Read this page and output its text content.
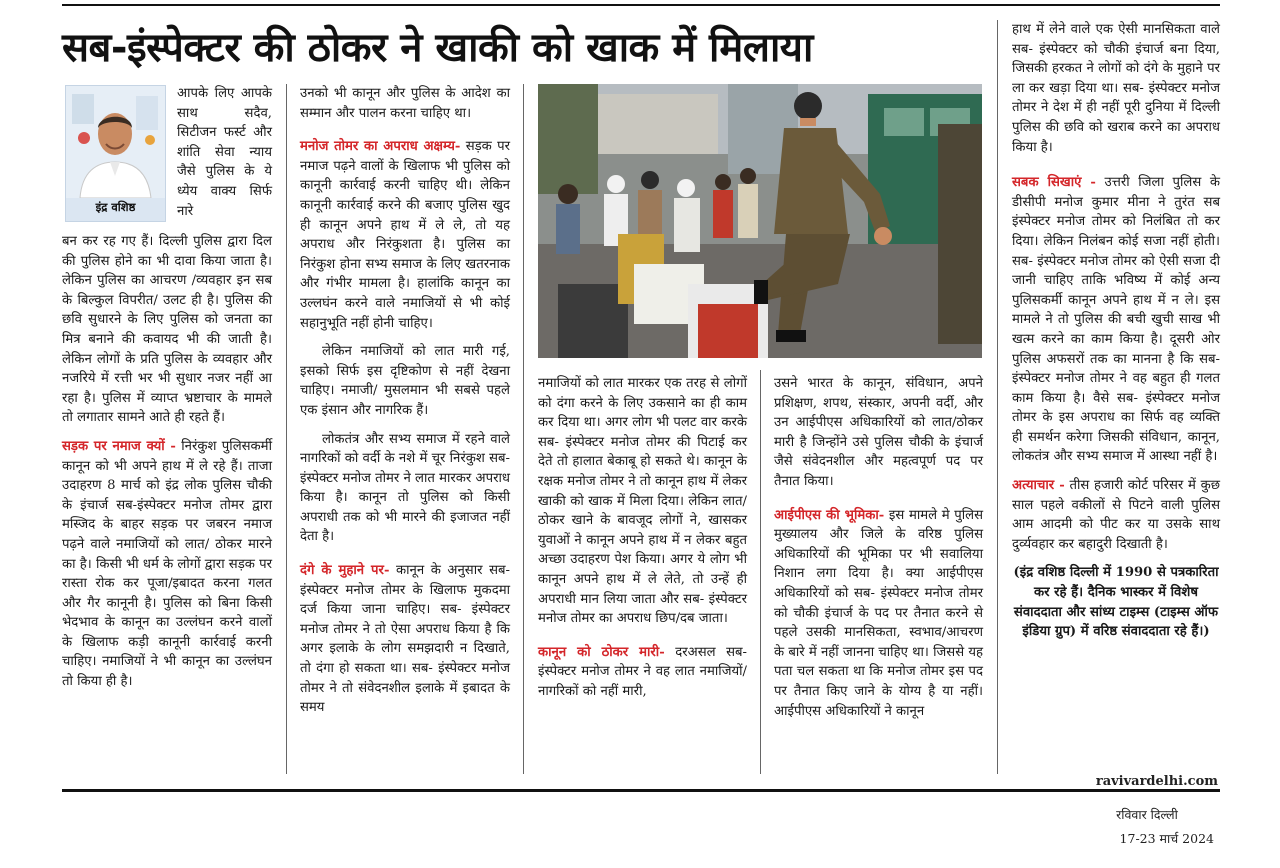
सब-इंस्पेक्टर की ठोकर ने खाकी को खाक में मिलाया
इंद्र वशिष्ठ

आपके लिए आपके साथ सदैव, सिटीजन फर्स्ट और शांति सेवा न्याय जैसे पुलिस के ये ध्येय वाक्य सिर्फ नारे

बन कर रह गए हैं। दिल्ली पुलिस द्वारा दिल की पुलिस होने का भी दावा किया जाता है। लेकिन पुलिस का आचरण /व्यवहार इन सब के बिल्कुल विपरीत/ उलट ही है। पुलिस की छवि सुधारने के लिए पुलिस को जनता का मित्र बनाने की कवायद भी की जाती है। लेकिन लोगों के प्रति पुलिस के व्यवहार और नजरिये में रत्ती भर भी सुधार नजर नहीं आ रहा है। पुलिस में व्याप्त भ्रष्टाचार के मामले तो लगातार सामने आते ही रहते हैं।

सड़क पर नमाज क्यों - निरंकुश पुलिसकर्मी कानून को भी अपने हाथ में ले रहे हैं। ताजा उदाहरण 8 मार्च को इंद्र लोक पुलिस चौकी के इंचार्ज सब-इंस्पेक्टर मनोज तोमर द्वारा मस्जिद के बाहर सड़क पर जबरन नमाज पढ़ने वाले नमाजियों को लात/ ठोकर मारने का है। किसी भी धर्म के लोगों द्वारा सड़क पर रास्ता रोक कर पूजा/इबादत करना गलत और गैर कानूनी है। पुलिस को बिना किसी भेदभाव के कानून का उल्लंघन करने वालों के खिलाफ कड़ी कानूनी कार्रवाई करनी चाहिए। नमाजियों ने भी कानून का उल्लंघन तो किया ही है।

उनको भी कानून और पुलिस के आदेश का सम्मान और पालन करना चाहिए था।

मनोज तोमर का अपराध अक्षम्य- सड़क पर नमाज पढ़ने वालों के खिलाफ भी पुलिस को कानूनी कार्रवाई करनी चाहिए थी। लेकिन कानूनी कार्रवाई करने की बजाए पुलिस खुद ही कानून अपने हाथ में ले ले, तो यह अपराध और निरंकुशता है। पुलिस का निरंकुश होना सभ्य समाज के लिए खतरनाक और गंभीर मामला है। हालांकि कानून का उल्लघंन करने वाले नमाजियों से भी कोई सहानुभूति नहीं होनी चाहिए।

लेकिन नमाजियों को लात मारी गई, इसको सिर्फ इस दृष्टिकोण से नहीं देखना चाहिए। नमाजी/ मुसलमान भी सबसे पहले एक इंसान और नागरिक हैं।

लोकतंत्र और सभ्य समाज में रहने वाले नागरिकों को वर्दी के नशे में चूर निरंकुश सब-इंस्पेक्टर मनोज तोमर ने लात मारकर अपराध किया है। कानून तो पुलिस को किसी अपराधी तक को भी मारने की इजाजत नहीं देता है।

दंगे के मुहाने पर- कानून के अनुसार सब- इंस्पेक्टर मनोज तोमर के खिलाफ मुकदमा दर्ज किया जाना चाहिए। सब- इंस्पेक्टर मनोज तोमर ने तो ऐसा अपराध किया है कि अगर इलाके के लोग समझदारी न दिखाते, तो दंगा हो सकता था। सब- इंस्पेक्टर मनोज तोमर ने तो संवेदनशील इलाके में इबादत के समय

नमाजियों को लात मारकर एक तरह से लोगों को दंगा करने के लिए उकसाने का ही काम कर दिया था। अगर लोग भी पलट वार करके सब- इंस्पेक्टर मनोज तोमर की पिटाई कर देते तो हालात बेकाबू हो सकते थे। कानून के रक्षक मनोज तोमर ने तो कानून हाथ में लेकर खाकी को खाक में मिला दिया। लेकिन लात/ ठोकर खाने के बावजूद लोगों ने, खासकर युवाओं ने कानून अपने हाथ में न लेकर बहुत अच्छा उदाहरण पेश किया। अगर ये लोग भी कानून अपने हाथ में ले लेते, तो उन्हें ही अपराधी मान लिया जाता और सब- इंस्पेक्टर मनोज तोमर का अपराध छिप/दब जाता।

कानून को ठोकर मारी- दरअसल सब- इंस्पेक्टर मनोज तोमर ने वह लात नमाजियों/ नागरिकों को नहीं मारी,

उसने भारत के कानून, संविधान, अपने प्रशिक्षण, शपथ, संस्कार, अपनी वर्दी, और उन आईपीएस अधिकारियों को लात/ठोकर मारी है जिन्होंने उसे पुलिस चौकी के इंचार्ज जैसे संवेदनशील और महत्वपूर्ण पद पर तैनात किया।

आईपीएस की भूमिका- इस मामले मे पुलिस मुख्यालय और जिले के वरिष्ठ पुलिस अधिकारियों की भूमिका पर भी सवालिया निशान लगा दिया है। क्या आईपीएस अधिकारियों को सब- इंस्पेक्टर मनोज तोमर को चौकी इंचार्ज के पद पर तैनात करने से पहले उसकी मानसिकता, स्वभाव/आचरण के बारे में नहीं जानना चाहिए था। जिससे यह पता चल सकता था कि मनोज तोमर इस पद पर तैनात किए जाने के योग्य है या नहीं। आईपीएस अधिकारियों ने कानून

हाथ में लेने वाले एक ऐसी मानसिकता वाले सब- इंस्पेक्टर को चौकी इंचार्ज बना दिया, जिसकी हरकत ने लोगों को दंगे के मुहाने पर ला कर खड़ा दिया था। सब- इंस्पेक्टर मनोज तोमर ने देश में ही नहीं पूरी दुनिया में दिल्ली पुलिस की छवि को खराब करने का अपराध किया है।

सबक सिखाएं - उत्तरी जिला पुलिस के डीसीपी मनोज कुमार मीना ने तुरंत सब इंस्पेक्टर मनोज तोमर को निलंबित तो कर दिया। लेकिन निलंबन कोई सजा नहीं होती। सब- इंस्पेक्टर मनोज तोमर को ऐसी सजा दी जानी चाहिए ताकि भविष्य में कोई अन्य पुलिसकर्मी कानून अपने हाथ में न ले। इस मामले ने तो पुलिस की बची खुची साख भी खत्म करने का काम किया है। दूसरी ओर पुलिस अफसरों तक का मानना है कि सब- इंस्पेक्टर मनोज तोमर ने वह बहुत ही गलत काम किया है। वैसे सब- इंस्पेक्टर मनोज तोमर के इस अपराध का सिर्फ वह व्यक्ति ही समर्थन करेगा जिसकी संविधान, कानून, लोकतंत्र और सभ्य समाज में आस्था नहीं है।

अत्याचार - तीस हजारी कोर्ट परिसर में कुछ साल पहले वकीलों से पिटने वाली पुलिस आम आदमी को पीट कर या उसके साथ दुर्व्यवहार कर बहादुरी दिखाती है।

(इंद्र वशिष्ठ दिल्ली में 1990 से पत्रकारिता कर रहे हैं। दैनिक भास्कर में विशेष संवाददाता और सांध्य टाइम्स (टाइम्स ऑफ इंडिया ग्रुप) में वरिष्ठ संवाददाता रहे हैं।)

ravivardelhi.com
रविवार दिल्ली
17-23 मार्च 2024
